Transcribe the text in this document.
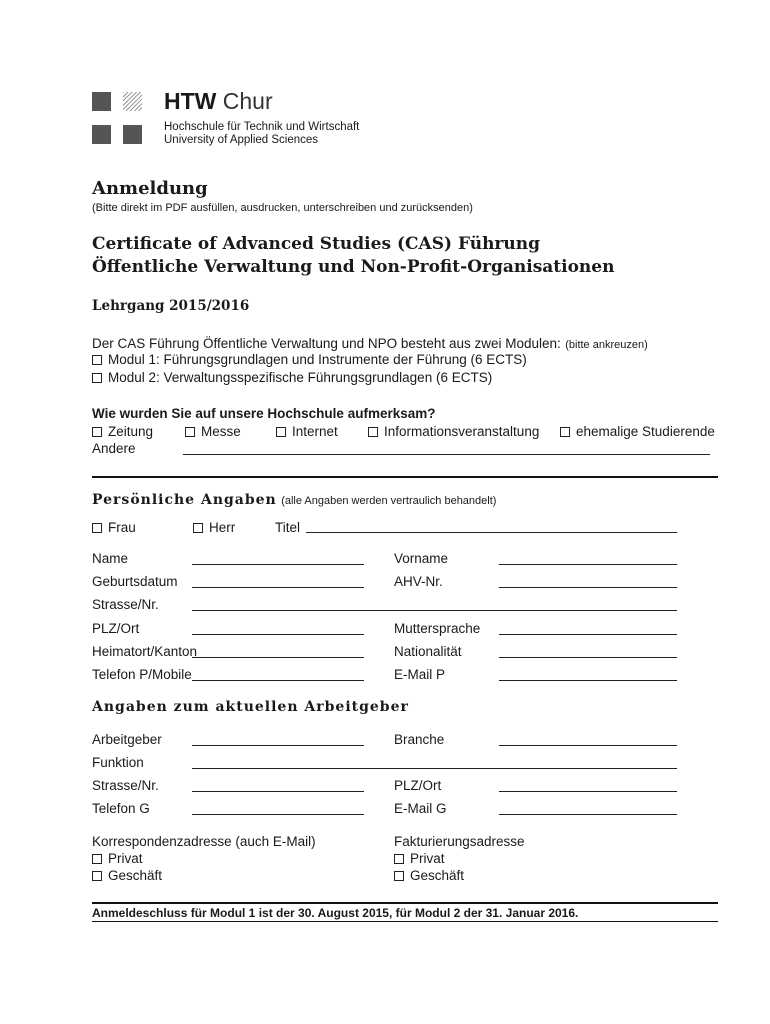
HTW Chur
Hochschule für Technik und Wirtschaft
University of Applied Sciences
Anmeldung
(Bitte direkt im PDF ausfüllen, ausdrucken, unterschreiben und zurücksenden)
Certificate of Advanced Studies (CAS) Führung
Öffentliche Verwaltung und Non-Profit-Organisationen
Lehrgang 2015/2016
Der CAS Führung Öffentliche Verwaltung und NPO besteht aus zwei Modulen: (bitte ankreuzen)
Modul 1: Führungsgrundlagen und Instrumente der Führung (6 ECTS)
Modul 2: Verwaltungsspezifische Führungsgrundlagen (6 ECTS)
Wie wurden Sie auf unsere Hochschule aufmerksam?
Zeitung	Messe	Internet	Informationsveranstaltung	ehemalige Studierende
Andere
Persönliche Angaben (alle Angaben werden vertraulich behandelt)
Frau	Herr	Titel
Name	Vorname
Geburtsdatum	AHV-Nr.
Strasse/Nr.
PLZ/Ort	Muttersprache
Heimatort/Kanton	Nationalität
Telefon P/Mobile	E-Mail P
Angaben zum aktuellen Arbeitgeber
Arbeitgeber	Branche
Funktion
Strasse/Nr.	PLZ/Ort
Telefon G	E-Mail G
Korrespondenzadresse (auch E-Mail)
Privat
Geschäft
Fakturierungsadresse
Privat
Geschäft
Anmeldeschluss für Modul 1 ist der 30. August 2015, für Modul 2 der 31. Januar 2016.
